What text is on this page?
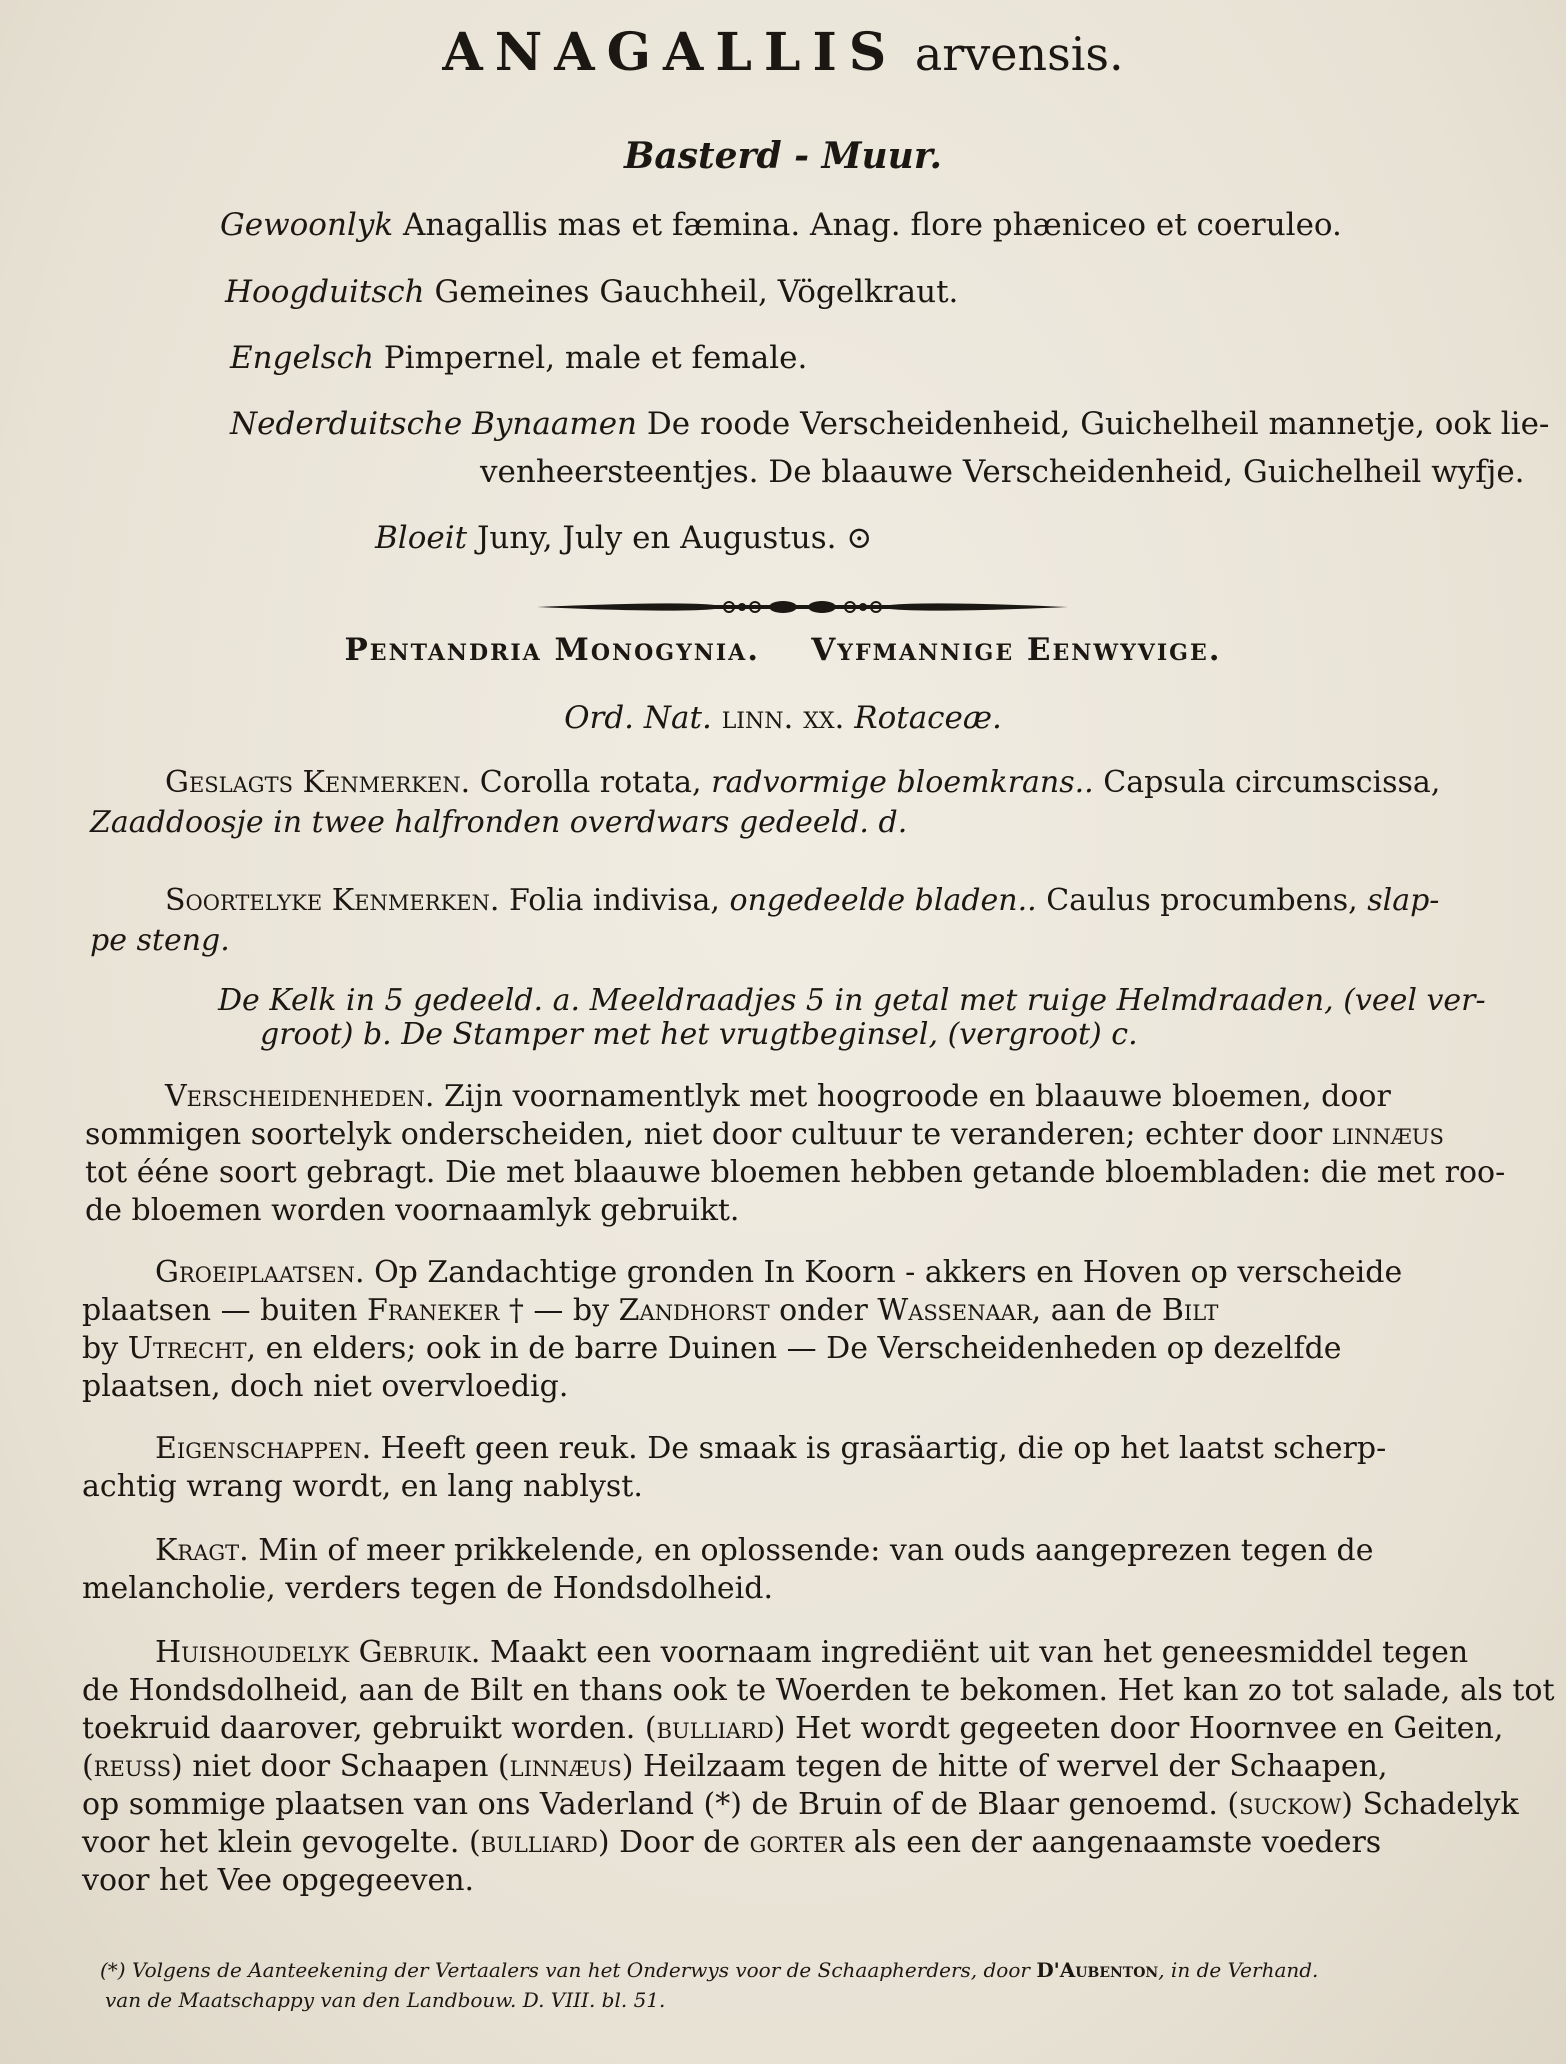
ANAGALLIS arvensis.
Basterd - Muur.
Gewoonlyk Anagallis mas et fæmina. Anag. flore phæniceo et coeruleo.
Hoogduitsch Gemeines Gauchheil, Vögelkraut.
Engelsch Pimpernel, male et female.
Nederduitsche Bynaamen De roode Verscheidenheid, Guichelheil mannetje, ook lie-
venheersteentjes. De blaauwe Verscheidenheid, Guichelheil wyfje.
Bloeit Juny, July en Augustus. ⊙
Pentandria Monogynia. Vyfmannige Eenwyvige.
Ord. Nat. linn. xx. Rotaceæ.
Geslagts Kenmerken. Corolla rotata, radvormige bloemkrans.. Capsula circumscissa,
Zaaddoosje in twee halfronden overdwars gedeeld. d.
Soortelyke Kenmerken. Folia indivisa, ongedeelde bladen.. Caulus procumbens, slap-
pe steng.
De Kelk in 5 gedeeld. a. Meeldraadjes 5 in getal met ruige Helmdraaden, (veel ver-
groot) b. De Stamper met het vrugtbeginsel, (vergroot) c.
Verscheidenheden. Zijn voornamentlyk met hoogroode en blaauwe bloemen, door
sommigen soortelyk onderscheiden, niet door cultuur te veranderen; echter door linnæus
tot ééne soort gebragt. Die met blaauwe bloemen hebben getande bloembladen: die met roo-
de bloemen worden voornaamlyk gebruikt.
Groeiplaatsen. Op Zandachtige gronden In Koorn - akkers en Hoven op verscheide
plaatsen — buiten Franeker † — by Zandhorst onder Wassenaar, aan de Bilt
by Utrecht, en elders; ook in de barre Duinen — De Verscheidenheden op dezelfde
plaatsen, doch niet overvloedig.
Eigenschappen. Heeft geen reuk. De smaak is grasäartig, die op het laatst scherp-
achtig wrang wordt, en lang nablyst.
Kragt. Min of meer prikkelende, en oplossende: van ouds aangeprezen tegen de
melancholie, verders tegen de Hondsdolheid.
Huishoudelyk Gebruik. Maakt een voornaam ingrediënt uit van het geneesmiddel tegen
de Hondsdolheid, aan de Bilt en thans ook te Woerden te bekomen. Het kan zo tot salade, als tot
toekruid daarover, gebruikt worden. (bulliard) Het wordt gegeeten door Hoornvee en Geiten,
(reuss) niet door Schaapen (linnæus) Heilzaam tegen de hitte of wervel der Schaapen,
op sommige plaatsen van ons Vaderland (*) de Bruin of de Blaar genoemd. (suckow) Schadelyk
voor het klein gevogelte. (bulliard) Door de gorter als een der aangenaamste voeders
voor het Vee opgegeeven.
(*) Volgens de Aanteekening der Vertaalers van het Onderwys voor de Schaapherders, door D'Aubenton, in de Verhand.
van de Maatschappy van den Landbouw. D. VIII. bl. 51.
